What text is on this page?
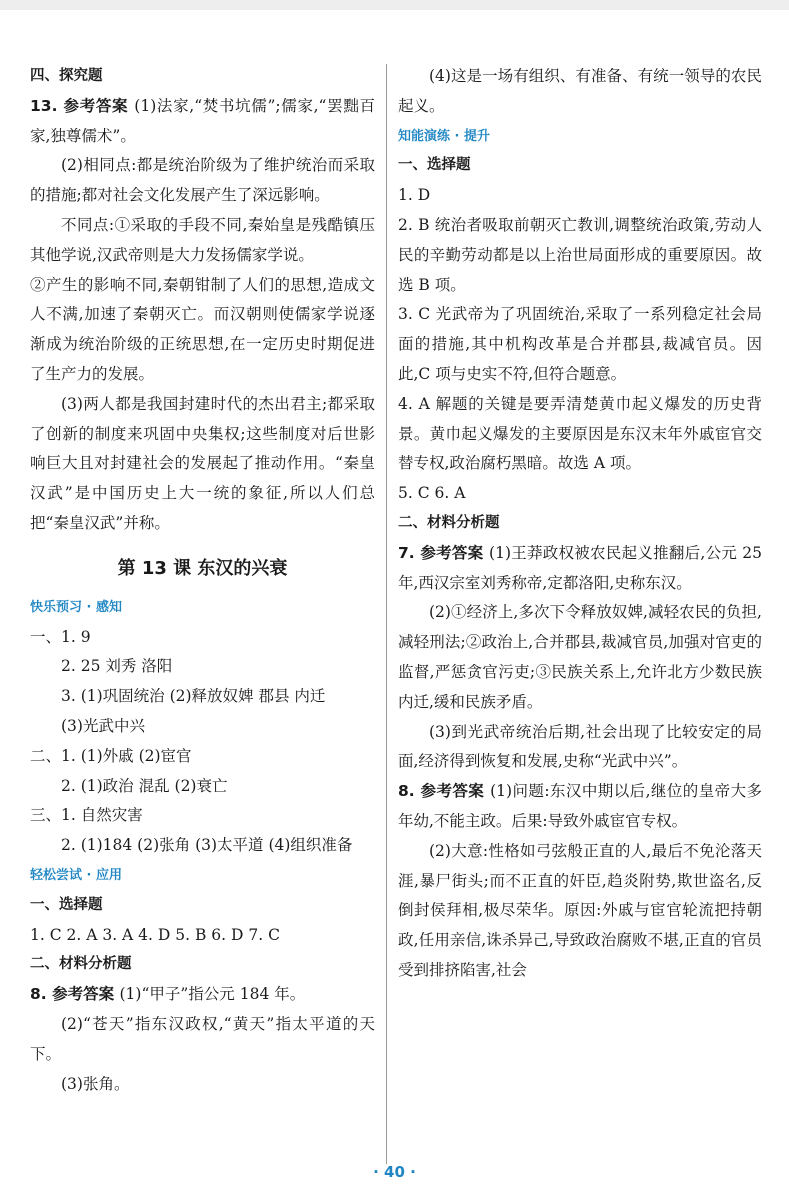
四、探究题
13. 参考答案 (1)法家,“焚书坑儒”;儒家,“罢黜百家,独尊儒术”。
(2)相同点:都是统治阶级为了维护统治而采取的措施;都对社会文化发展产生了深远影响。
不同点:①采取的手段不同,秦始皇是残酷镇压其他学说,汉武帝则是大力发扬儒家学说。
②产生的影响不同,秦朝钳制了人们的思想,造成文人不满,加速了秦朝灭亡。而汉朝则使儒家学说逐渐成为统治阶级的正统思想,在一定历史时期促进了生产力的发展。
(3)两人都是我国封建时代的杰出君主;都采取了创新的制度来巩固中央集权;这些制度对后世影响巨大且对封建社会的发展起了推动作用。“秦皇汉武”是中国历史上大一统的象征,所以人们总把“秦皇汉武”并称。
第 13 课 东汉的兴衰
快乐预习 · 感知
一、1. 9
2. 25 刘秀 洛阳
3. (1)巩固统治 (2)释放奴婢 郡县 内迁
(3)光武中兴
二、1. (1)外戚 (2)宦官
2. (1)政治 混乱 (2)衰亡
三、1. 自然灾害
2. (1)184 (2)张角 (3)太平道 (4)组织准备
轻松尝试 · 应用
一、选择题
1. C 2. A 3. A 4. D 5. B 6. D 7. C
二、材料分析题
8. 参考答案 (1)“甲子”指公元 184 年。
(2)“苍天”指东汉政权,“黄天”指太平道的天下。
(3)张角。
(4)这是一场有组织、有准备、有统一领导的农民起义。
知能演练 · 提升
一、选择题
1. D
2. B 统治者吸取前朝灭亡教训,调整统治政策,劳动人民的辛勤劳动都是以上治世局面形成的重要原因。故选 B 项。
3. C 光武帝为了巩固统治,采取了一系列稳定社会局面的措施,其中机构改革是合并郡县,裁减官员。因此,C 项与史实不符,但符合题意。
4. A 解题的关键是要弄清楚黄巾起义爆发的历史背景。黄巾起义爆发的主要原因是东汉末年外戚宦官交替专权,政治腐朽黑暗。故选 A 项。
5. C 6. A
二、材料分析题
7. 参考答案 (1)王莽政权被农民起义推翻后,公元 25 年,西汉宗室刘秀称帝,定都洛阳,史称东汉。
(2)①经济上,多次下令释放奴婢,减轻农民的负担,减轻刑法;②政治上,合并郡县,裁减官员,加强对官吏的监督,严惩贪官污吏;③民族关系上,允许北方少数民族内迁,缓和民族矛盾。
(3)到光武帝统治后期,社会出现了比较安定的局面,经济得到恢复和发展,史称“光武中兴”。
8. 参考答案 (1)问题:东汉中期以后,继位的皇帝大多年幼,不能主政。后果:导致外戚宦官专权。
(2)大意:性格如弓弦般正直的人,最后不免沦落天涯,暴尸街头;而不正直的奸臣,趋炎附势,欺世盗名,反倒封侯拜相,极尽荣华。原因:外戚与宦官轮流把持朝政,任用亲信,诛杀异己,导致政治腐败不堪,正直的官员受到排挤陷害,社会
· 40 ·
